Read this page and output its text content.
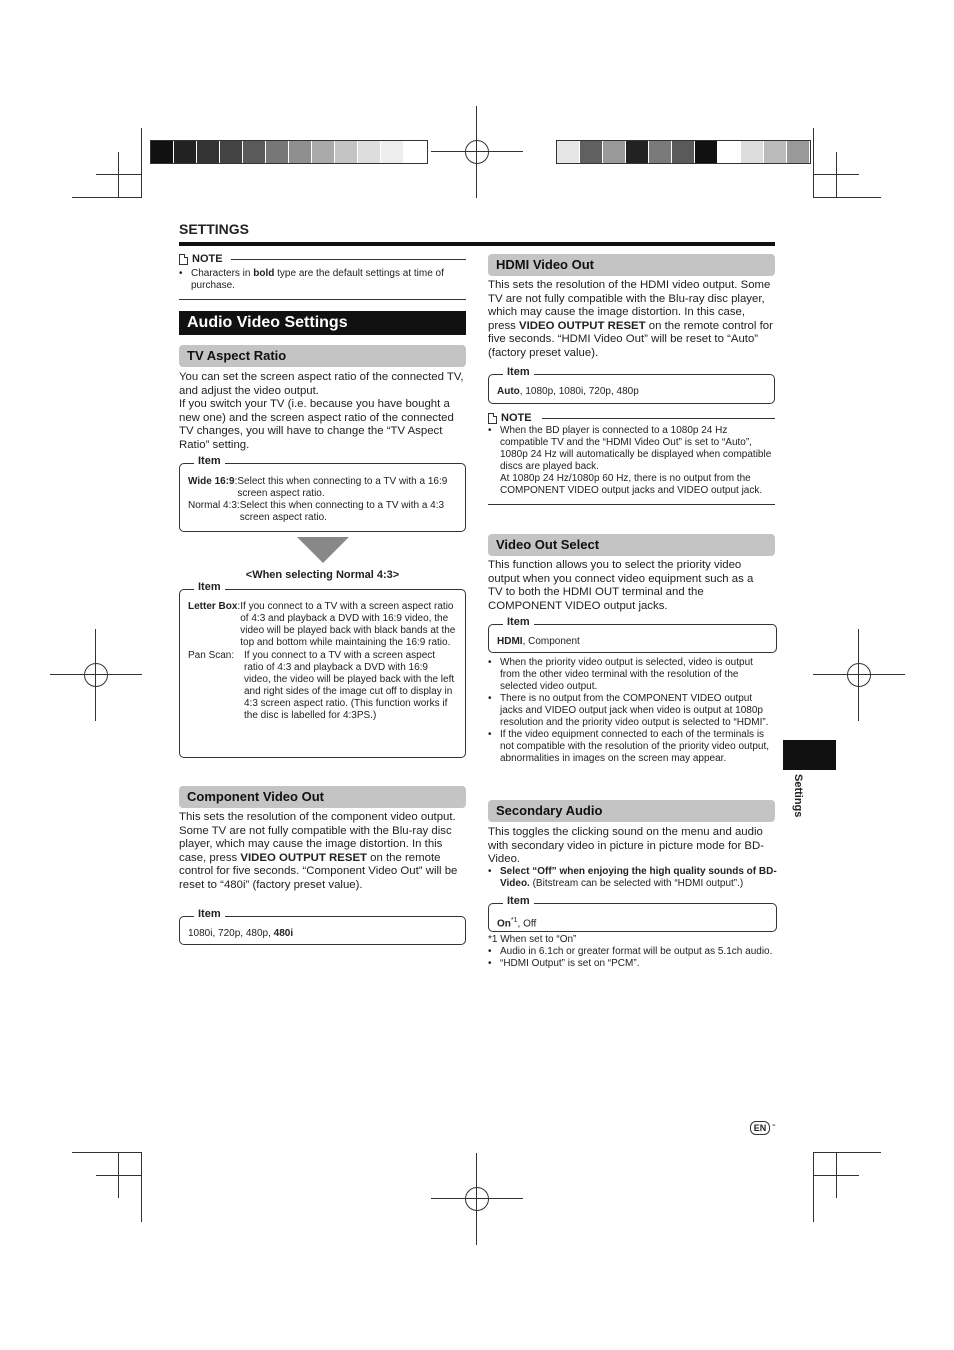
SETTINGS
NOTE
• Characters in bold type are the default settings at time of purchase.
Audio Video Settings
TV Aspect Ratio
You can set the screen aspect ratio of the connected TV, and adjust the video output.
If you switch your TV (i.e. because you have bought a new one) and the screen aspect ratio of the connected TV changes, you will have to change the “TV Aspect Ratio” setting.
Item
Wide 16:9: Select this when connecting to a TV with a 16:9 screen aspect ratio.
Normal 4:3: Select this when connecting to a TV with a 4:3 screen aspect ratio.
<When selecting Normal 4:3>
Item
Letter Box: If you connect to a TV with a screen aspect ratio of 4:3 and playback a DVD with 16:9 video, the video will be played back with black bands at the top and bottom while maintaining the 16:9 ratio.
Pan Scan: If you connect to a TV with a screen aspect ratio of 4:3 and playback a DVD with 16:9 video, the video will be played back with the left and right sides of the image cut off to display in 4:3 screen aspect ratio. (This function works if the disc is labelled for 4:3PS.)
Component Video Out
This sets the resolution of the component video output.
Some TV are not fully compatible with the Blu-ray disc player, which may cause the image distortion. In this case, press VIDEO OUTPUT RESET on the remote control for five seconds. “Component Video Out” will be reset to “480i” (factory preset value).
Item
1080i, 720p, 480p, 480i
HDMI Video Out
This sets the resolution of the HDMI video output. Some TV are not fully compatible with the Blu-ray disc player, which may cause the image distortion. In this case, press VIDEO OUTPUT RESET on the remote control for five seconds. “HDMI Video Out” will be reset to “Auto” (factory preset value).
Item
Auto, 1080p, 1080i, 720p, 480p
NOTE
• When the BD player is connected to a 1080p 24 Hz compatible TV and the “HDMI Video Out” is set to “Auto”, 1080p 24 Hz will automatically be displayed when compatible discs are played back.
At 1080p 24 Hz/1080p 60 Hz, there is no output from the COMPONENT VIDEO output jacks and VIDEO output jack.
Video Out Select
This function allows you to select the priority video output when you connect video equipment such as a TV to both the HDMI OUT terminal and the COMPONENT VIDEO output jacks.
Item
HDMI, Component
• When the priority video output is selected, video is output from the other video terminal with the resolution of the selected video output.
• There is no output from the COMPONENT VIDEO output jacks and VIDEO output jack when video is output at 1080p resolution and the priority video output is selected to “HDMI”.
• If the video equipment connected to each of the terminals is not compatible with the resolution of the priority video output, abnormalities in images on the screen may appear.
Secondary Audio
This toggles the clicking sound on the menu and audio with secondary video in picture in picture mode for BD-Video.
• Select “Off” when enjoying the high quality sounds of BD-Video. (Bitstream can be selected with “HDMI output”.)
Item
On$^{*1}$, Off
*1 When set to “On”
• Audio in 6.1ch or greater format will be output as 5.1ch audio.
• “HDMI Output” is set on “PCM”.
Settings
EN -
